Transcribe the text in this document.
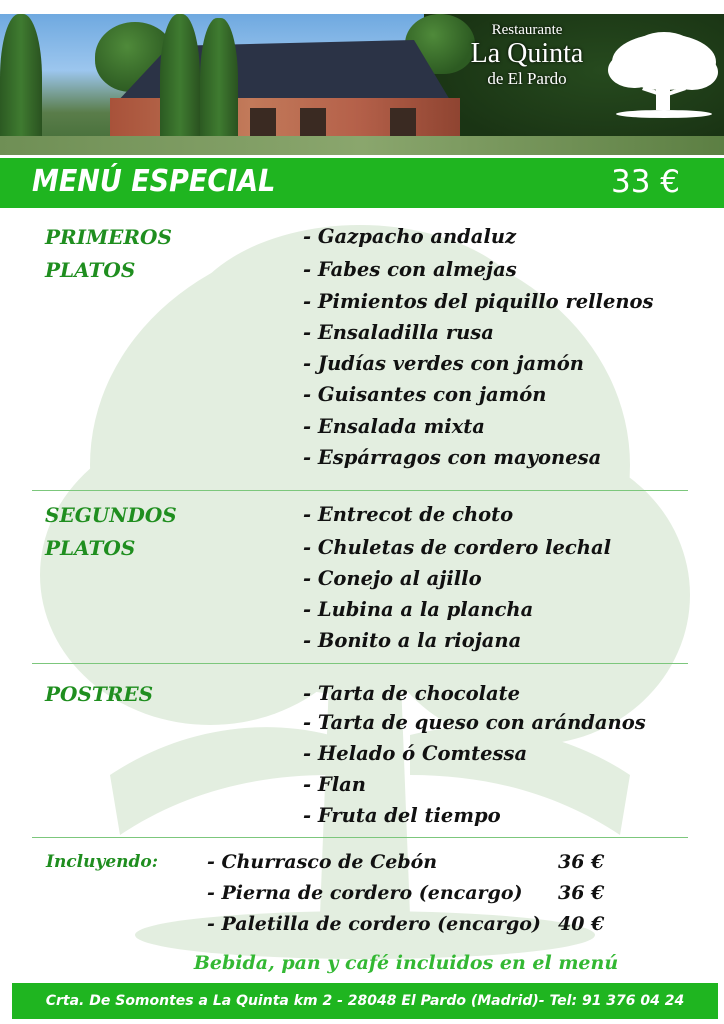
Restaurante
La Quinta
de El Pardo
MENÚ ESPECIAL	33 €
PRIMEROS
PLATOS
- Gazpacho andaluz
- Fabes con almejas
- Pimientos del piquillo rellenos
- Ensaladilla rusa
- Judías verdes con jamón
- Guisantes con jamón
- Ensalada mixta
- Espárragos con mayonesa
SEGUNDOS
PLATOS
- Entrecot de choto
- Chuletas de cordero lechal
- Conejo al ajillo
- Lubina a la plancha
- Bonito a la riojana
POSTRES	- Tarta de chocolate
- Tarta de queso con arándanos
- Helado ó Comtessa
- Flan
- Fruta del tiempo
Incluyendo:	- Churrasco de Cebón	36 €
- Pierna de cordero (encargo) 36 €
- Paletilla de cordero (encargo) 40 €
Bebida, pan y café incluidos en el menú
Crta. De Somontes a La Quinta km 2 - 28048 El Pardo (Madrid)- Tel: 91 376 04 24
